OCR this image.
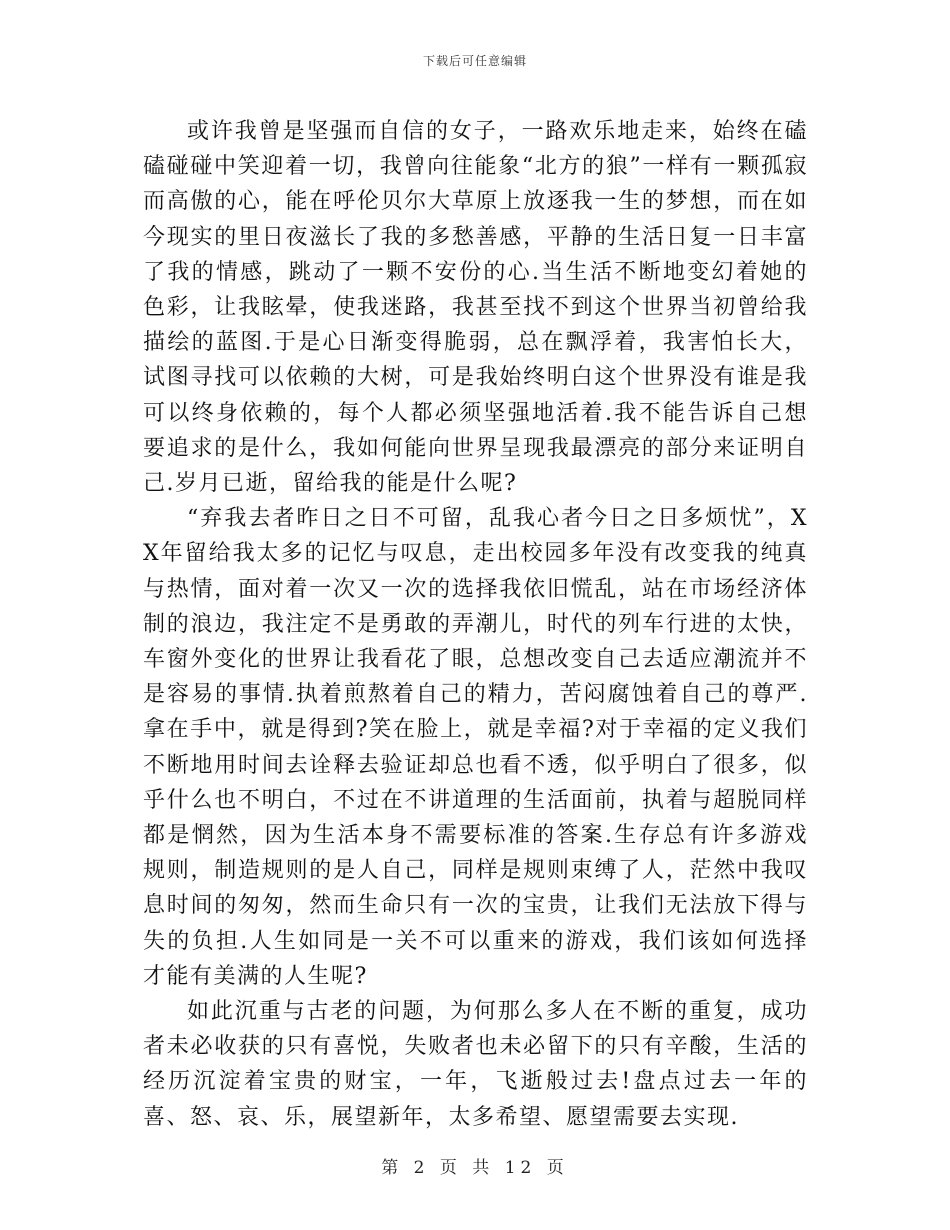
下载后可任意编辑

或许我曾是坚强而自信的女子，一路欢乐地走来，始终在磕磕碰碰中笑迎着一切，我曾向往能象“北方的狼”一样有一颗孤寂而高傲的心，能在呼伦贝尔大草原上放逐我一生的梦想，而在如今现实的里日夜滋长了我的多愁善感，平静的生活日复一日丰富了我的情感，跳动了一颗不安份的心.当生活不断地变幻着她的色彩，让我眩晕，使我迷路，我甚至找不到这个世界当初曾给我描绘的蓝图.于是心日渐变得脆弱，总在飘浮着，我害怕长大，试图寻找可以依赖的大树，可是我始终明白这个世界没有谁是我可以终身依赖的，每个人都必须坚强地活着.我不能告诉自己想要追求的是什么，我如何能向世界呈现我最漂亮的部分来证明自己.岁月已逝，留给我的能是什么呢?

“弃我去者昨日之日不可留，乱我心者今日之日多烦忧”，XX年留给我太多的记忆与叹息，走出校园多年没有改变我的纯真与热情，面对着一次又一次的选择我依旧慌乱，站在市场经济体制的浪边，我注定不是勇敢的弄潮儿，时代的列车行进的太快，车窗外变化的世界让我看花了眼，总想改变自己去适应潮流并不是容易的事情.执着煎熬着自己的精力，苦闷腐蚀着自己的尊严.拿在手中，就是得到?笑在脸上，就是幸福?对于幸福的定义我们不断地用时间去诠释去验证却总也看不透，似乎明白了很多，似乎什么也不明白，不过在不讲道理的生活面前，执着与超脱同样都是惘然，因为生活本身不需要标准的答案.生存总有许多游戏规则，制造规则的是人自己，同样是规则束缚了人，茫然中我叹息时间的匆匆，然而生命只有一次的宝贵，让我们无法放下得与失的负担.人生如同是一关不可以重来的游戏，我们该如何选择才能有美满的人生呢?

如此沉重与古老的问题，为何那么多人在不断的重复，成功者未必收获的只有喜悦，失败者也未必留下的只有辛酸，生活的经历沉淀着宝贵的财宝，一年，飞逝般过去!盘点过去一年的喜、怒、哀、乐，展望新年，太多希望、愿望需要去实现.

第 2 页 共 12 页
